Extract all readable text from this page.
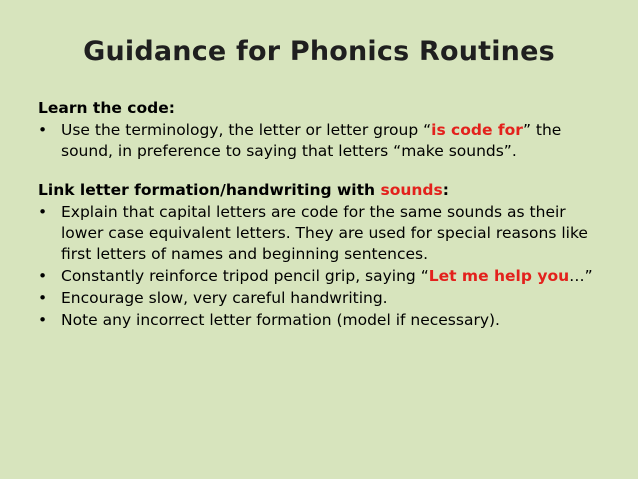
Guidance for Phonics Routines

Learn the code:

• Use the terminology, the letter or letter group “is code for” the sound, in preference to saying that letters “make sounds”.

Link letter formation/handwriting with sounds:

• Explain that capital letters are code for the same sounds as their lower case equivalent letters. They are used for special reasons like first letters of names and beginning sentences.
• Constantly reinforce tripod pencil grip, saying “Let me help you…”
• Encourage slow, very careful handwriting.
• Note any incorrect letter formation (model if necessary).
